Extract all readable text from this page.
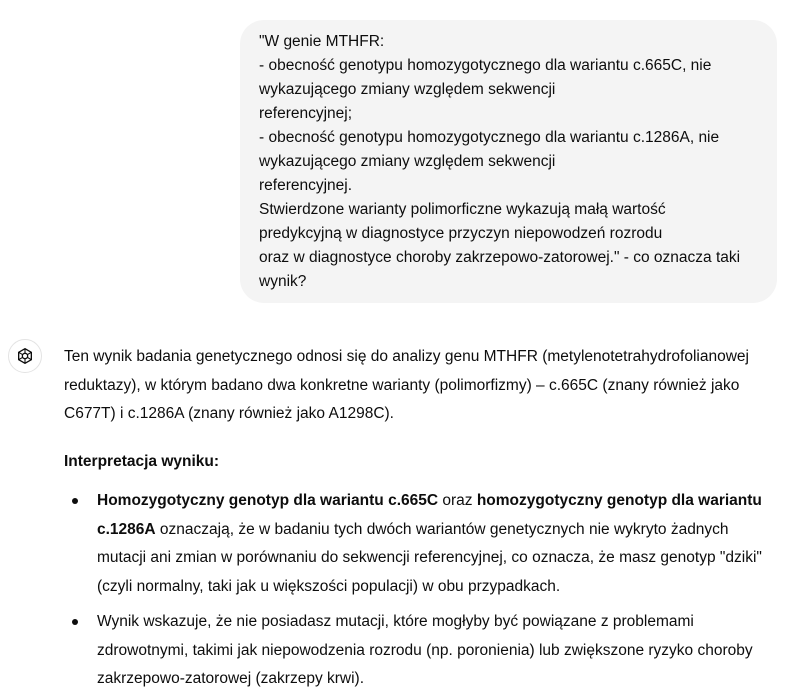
"W genie MTHFR:
- obecność genotypu homozygotycznego dla wariantu c.665C, nie
wykazującego zmiany względem sekwencji
referencyjnej;
- obecność genotypu homozygotycznego dla wariantu c.1286A, nie
wykazującego zmiany względem sekwencji
referencyjnej.
Stwierdzone warianty polimorficzne wykazują małą wartość
predykcyjną w diagnostyce przyczyn niepowodzeń rozrodu
oraz w diagnostyce choroby zakrzepowo-zatorowej." - co oznacza taki
wynik?
Ten wynik badania genetycznego odnosi się do analizy genu MTHFR (metylenotetrahydrofolianowej
reduktazy), w którym badano dwa konkretne warianty (polimorfizmy) – c.665C (znany również jako
C677T) i c.1286A (znany również jako A1298C).
Interpretacja wyniku:
Homozygotyczny genotyp dla wariantu c.665C oraz homozygotyczny genotyp dla wariantu
c.1286A oznaczają, że w badaniu tych dwóch wariantów genetycznych nie wykryto żadnych
mutacji ani zmian w porównaniu do sekwencji referencyjnej, co oznacza, że masz genotyp "dziki"
(czyli normalny, taki jak u większości populacji) w obu przypadkach.
Wynik wskazuje, że nie posiadasz mutacji, które mogłyby być powiązane z problemami
zdrowotnymi, takimi jak niepowodzenia rozrodu (np. poronienia) lub zwiększone ryzyko choroby
zakrzepowo-zatorowej (zakrzepy krwi).
